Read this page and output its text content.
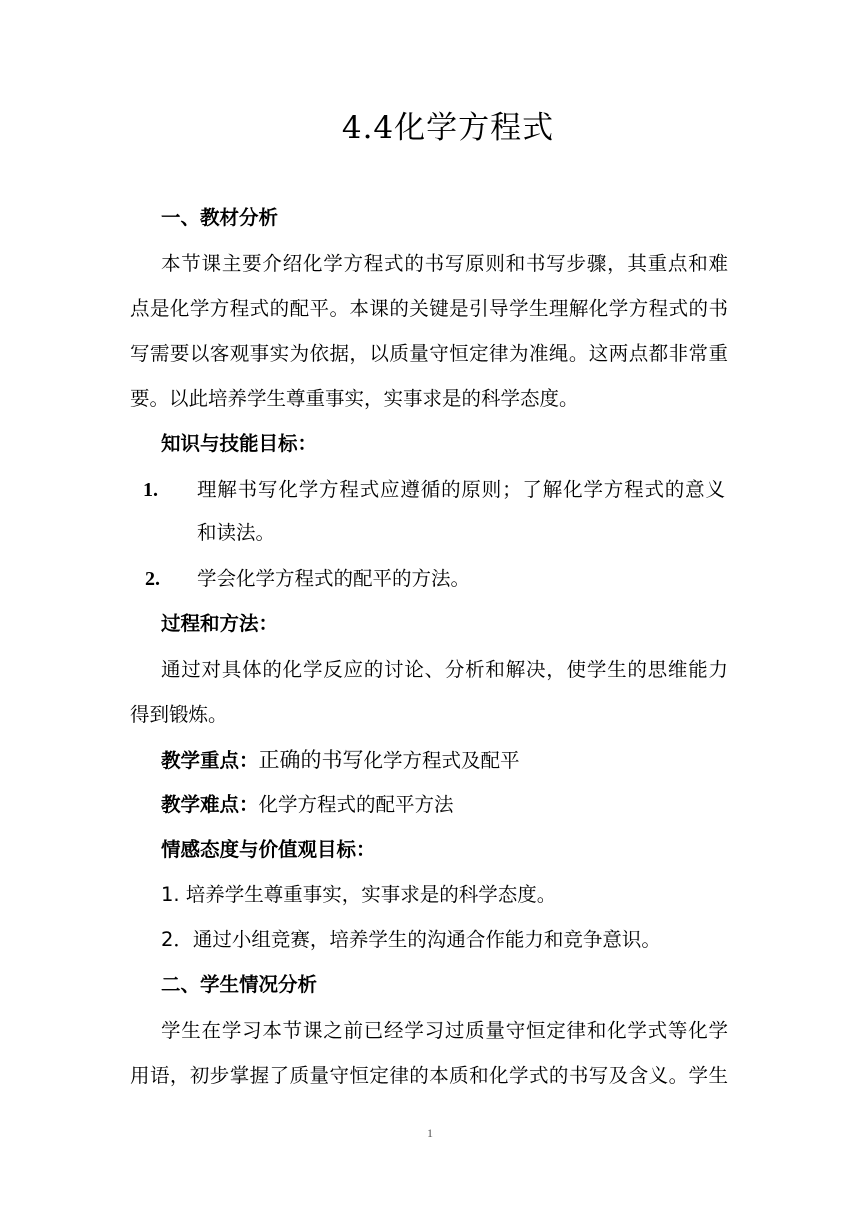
4.4化学方程式
一、教材分析
本节课主要介绍化学方程式的书写原则和书写步骤，其重点和难
点是化学方程式的配平。本课的关键是引导学生理解化学方程式的书
写需要以客观事实为依据，以质量守恒定律为准绳。这两点都非常重
要。以此培养学生尊重事实，实事求是的科学态度。
知识与技能目标：
1. 理解书写化学方程式应遵循的原则；了解化学方程式的意义
和读法。
2. 学会化学方程式的配平的方法。
过程和方法：
通过对具体的化学反应的讨论、分析和解决，使学生的思维能力
得到锻炼。
教学重点：正确的书写化学方程式及配平
教学难点：化学方程式的配平方法
情感态度与价值观目标：
1. 培养学生尊重事实，实事求是的科学态度。
2．通过小组竞赛，培养学生的沟通合作能力和竞争意识。
二、学生情况分析
学生在学习本节课之前已经学习过质量守恒定律和化学式等化学
用语，初步掌握了质量守恒定律的本质和化学式的书写及含义。学生
1
